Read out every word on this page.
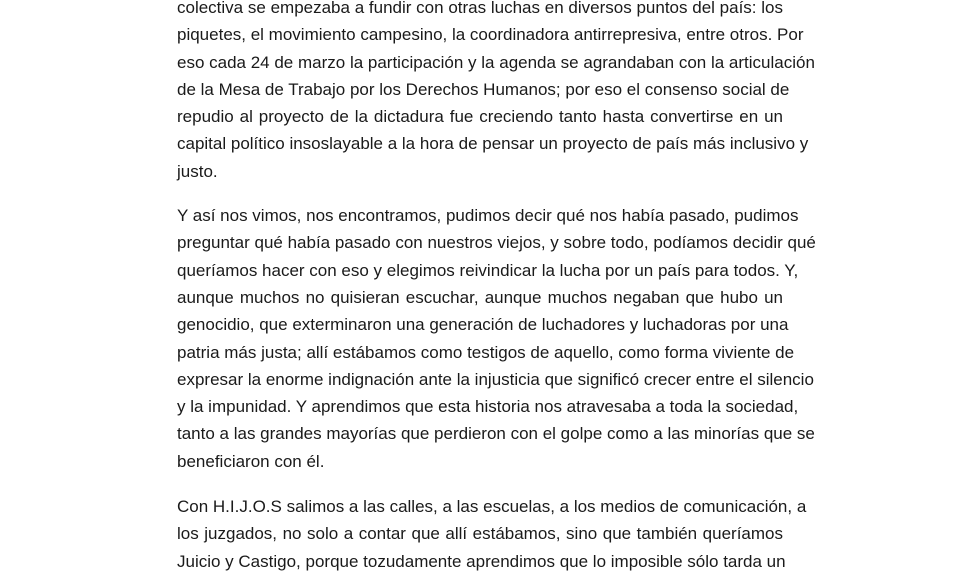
colectiva se empezaba a fundir con otras luchas en diversos puntos del país: los
piquetes, el movimiento campesino, la coordinadora antirrepresiva, entre otros. Por
eso cada 24 de marzo la participación y la agenda se agrandaban con la articulación
de la Mesa de Trabajo por los Derechos Humanos; por eso el consenso social de
repudio al proyecto de la dictadura fue creciendo tanto hasta convertirse en un
capital político insoslayable a la hora de pensar un proyecto de país más inclusivo y
justo.
Y así nos vimos, nos encontramos, pudimos decir qué nos había pasado, pudimos
preguntar qué había pasado con nuestros viejos, y sobre todo, podíamos decidir qué
queríamos hacer con eso y elegimos reivindicar la lucha por un país para todos. Y,
aunque muchos no quisieran escuchar, aunque muchos negaban que hubo un
genocidio, que exterminaron una generación de luchadores y luchadoras por una
patria más justa; allí estábamos como testigos de aquello, como forma viviente de
expresar la enorme indignación ante la injusticia que significó crecer entre el silencio
y la impunidad. Y aprendimos que esta historia nos atravesaba a toda la sociedad,
tanto a las grandes mayorías que perdieron con el golpe como a las minorías que se
beneficiaron con él.
Con H.I.J.O.S salimos a las calles, a las escuelas, a los medios de comunicación, a
los juzgados, no solo a contar que allí estábamos, sino que también queríamos
Juicio y Castigo, porque tozudamente aprendimos que lo imposible sólo tarda un
